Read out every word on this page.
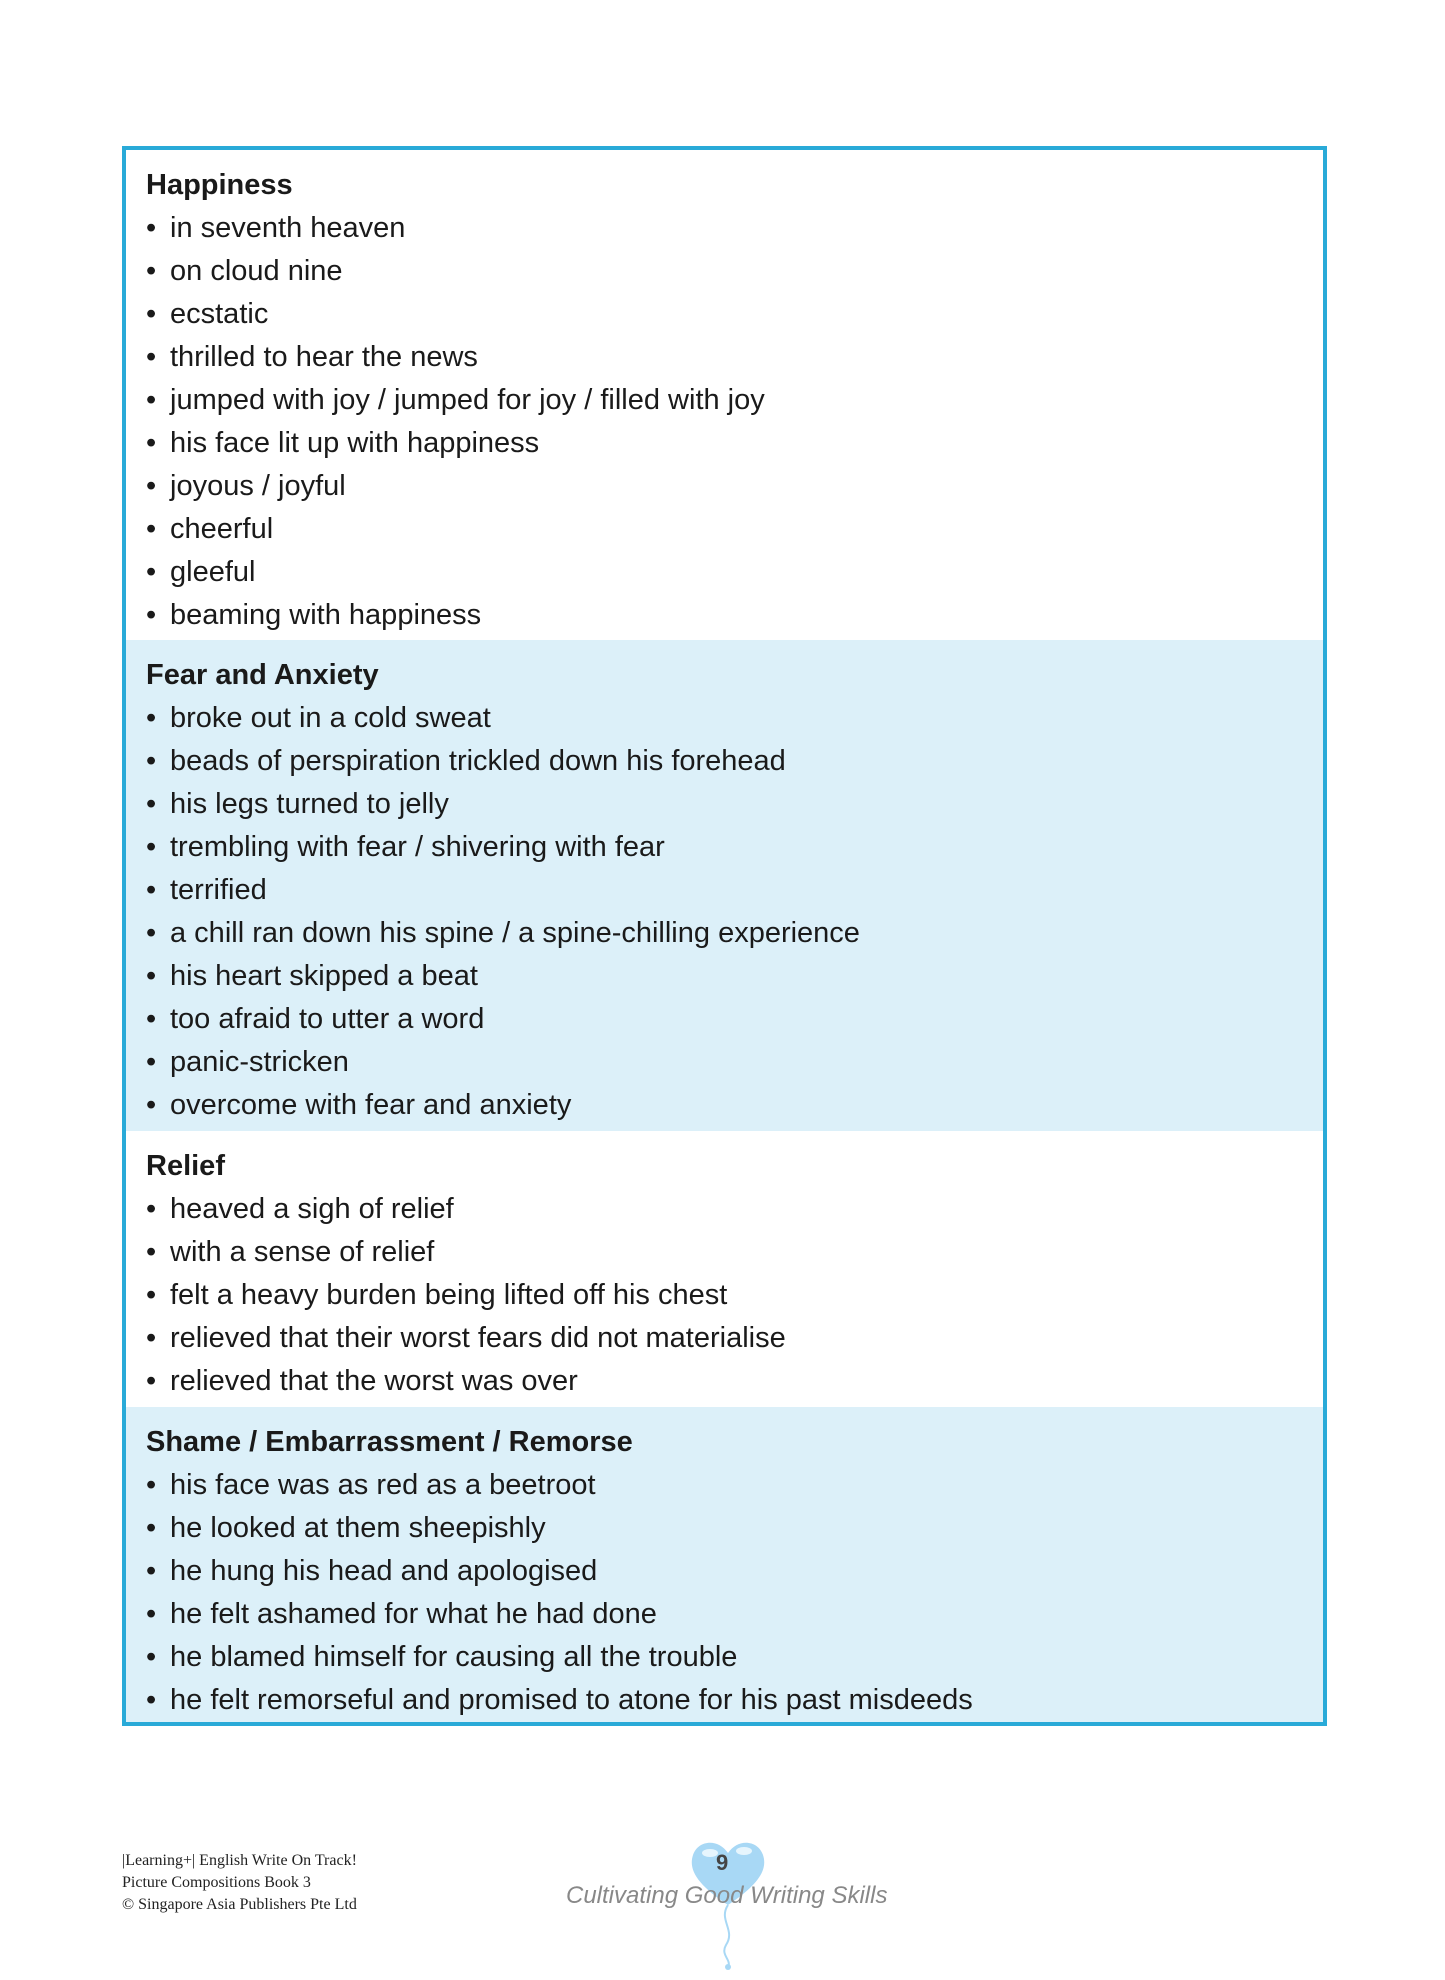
Happiness
• in seventh heaven
• on cloud nine
• ecstatic
• thrilled to hear the news
• jumped with joy / jumped for joy / filled with joy
• his face lit up with happiness
• joyous / joyful
• cheerful
• gleeful
• beaming with happiness
Fear and Anxiety
• broke out in a cold sweat
• beads of perspiration trickled down his forehead
• his legs turned to jelly
• trembling with fear / shivering with fear
• terrified
• a chill ran down his spine / a spine-chilling experience
• his heart skipped a beat
• too afraid to utter a word
• panic-stricken
• overcome with fear and anxiety
Relief
• heaved a sigh of relief
• with a sense of relief
• felt a heavy burden being lifted off his chest
• relieved that their worst fears did not materialise
• relieved that the worst was over
Shame / Embarrassment / Remorse
• his face was as red as a beetroot
• he looked at them sheepishly
• he hung his head and apologised
• he felt ashamed for what he had done
• he blamed himself for causing all the trouble
• he felt remorseful and promised to atone for his past misdeeds
|Learning+| English Write On Track!
Picture Compositions Book 3
© Singapore Asia Publishers Pte Ltd
9
Cultivating Good Writing Skills
